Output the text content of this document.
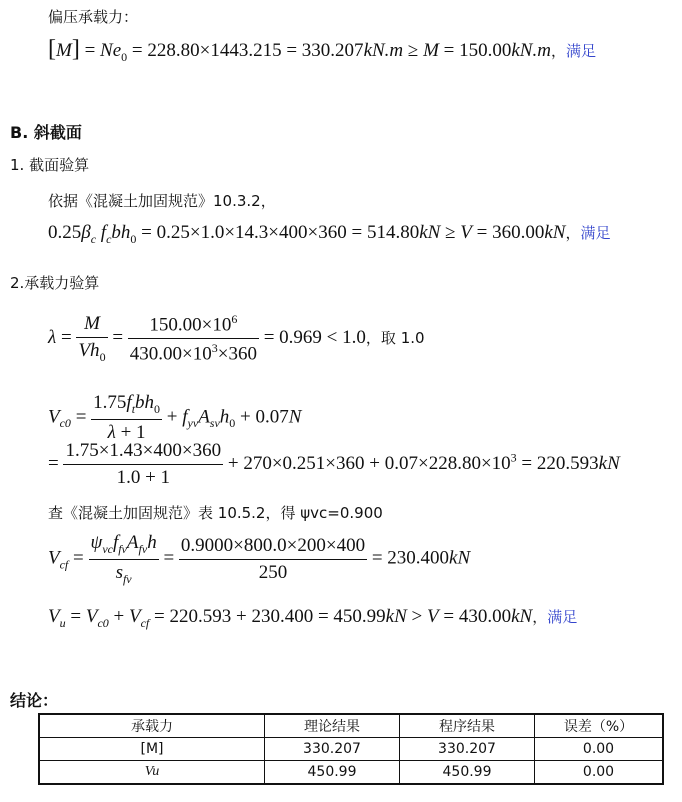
偏压承载力：
$[M] = Ne_0 = 228.80\times 1443.215 = 330.207kN.m \ge M = 150.00kN.m$，满足
B. 斜截面
1. 截面验算
依据《混凝土加固规范》10.3.2，
$0.25\beta_c$ $f_cbh_0 = 0.25\times 1.0\times 14.3\times 400\times 360 = 514.80kN \ge V = 360.00kN$，满足
2.承载力验算
$\lambda = \frac{M}{Vh_0} = \frac{150.00\times 10^6}{430.00\times 10^3\times 360} = 0.969 < 1.0$，取 1.0
$V_{c0} = \frac{1.75f_tbh_0}{\lambda + 1} + f_{yv}A_{sv}h_0 + 0.07N$
= $\frac{1.75\times 1.43\times 400\times 360}{1.0 + 1} + 270\times 0.251\times 360 + 0.07\times 228.80\times 10^3 = 220.593kN$
查《混凝土加固规范》表 10.5.2，得 ψvc=0.900
$V_{cf} = \frac{\psi_{vc}f_{fv}A_{fv}h}{s_{fv}} = \frac{0.9000\times 800.0\times 200\times 400}{250} = 230.400kN$
$V_u = V_{c0} + V_{cf} = 220.593 + 230.400 = 450.99kN > V = 430.00kN$，满足
结论：
承载力	理论结果	程序结果	误差（%）
[M]	330.207	330.207	0.00
Vu	450.99	450.99	0.00
